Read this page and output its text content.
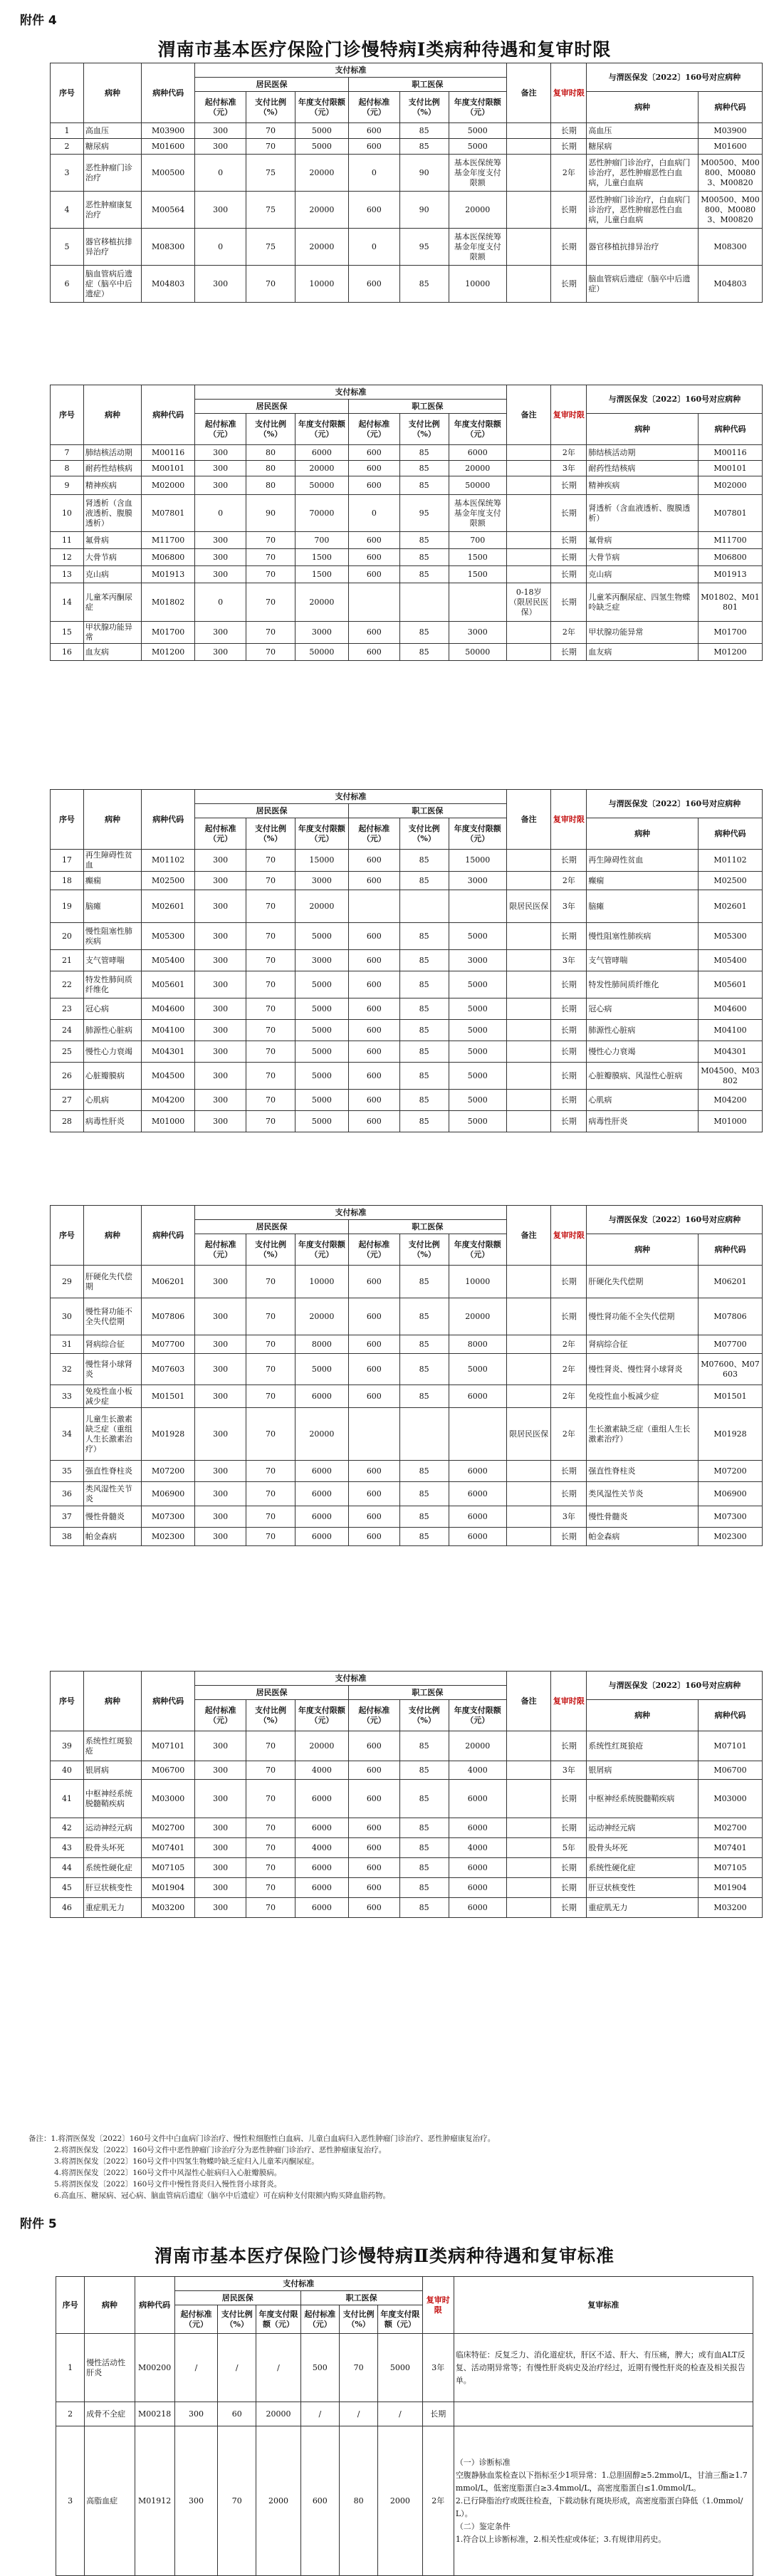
附件 4
渭南市基本医疗保险门诊慢特病Ⅰ类病种待遇和复审时限
序号	病种	病种代码	支付标准						备注	复审时限	与渭医保发〔2022〕160号对应病种	
			居民医保			职工医保						
			起付标准（元）	支付比例（%）	年度支付限额（元）	起付标准（元）	支付比例（%）	年度支付限额（元）			病种	病种代码
1	高血压	M03900	300	70	5000	600	85	5000		长期	高血压	M03900
2	糖尿病	M01600	300	70	5000	600	85	5000		长期	糖尿病	M01600
3	恶性肿瘤门诊治疗	M00500	0	75	20000	0	90	基本医保统筹基金年度支付限额		2年	恶性肿瘤门诊治疗，白血病门诊治疗，恶性肿瘤恶性白血病，儿童白血病	M00500、M00800、M00803、M00820
4	恶性肿瘤康复治疗	M00564	300	75	20000	600	90	20000		长期	恶性肿瘤门诊治疗，白血病门诊治疗，恶性肿瘤恶性白血病，儿童白血病	M00500、M00800、M00803、M00820
5	器官移植抗排异治疗	M08300	0	75	20000	0	95	基本医保统筹基金年度支付限额		长期	器官移植抗排异治疗	M08300
6	脑血管病后遗症（脑卒中后遗症）	M04803	300	70	10000	600	85	10000		长期	脑血管病后遗症（脑卒中后遗症）	M04803
序号	病种	病种代码	支付标准						备注	复审时限	与渭医保发〔2022〕160号对应病种	
			居民医保			职工医保						
			起付标准（元）	支付比例（%）	年度支付限额（元）	起付标准（元）	支付比例（%）	年度支付限额（元）			病种	病种代码
7	肺结核活动期	M00116	300	80	6000	600	85	6000		2年	肺结核活动期	M00116
8	耐药性结核病	M00101	300	80	20000	600	85	20000		3年	耐药性结核病	M00101
9	精神疾病	M02000	300	80	50000	600	85	50000		长期	精神疾病	M02000
10	肾透析（含血液透析、腹膜透析）	M07801	0	90	70000	0	95	基本医保统筹基金年度支付限额		长期	肾透析（含血液透析、腹膜透析）	M07801
11	氟骨病	M11700	300	70	700	600	85	700		长期	氟骨病	M11700
12	大骨节病	M06800	300	70	1500	600	85	1500		长期	大骨节病	M06800
13	克山病	M01913	300	70	1500	600	85	1500		长期	克山病	M01913
14	儿童苯丙酮尿症	M01802	0	70	20000				0-18岁（限居民医保）	长期	儿童苯丙酮尿症、四氢生物蝶呤缺乏症	M01802、M01801
15	甲状腺功能异常	M01700	300	70	3000	600	85	3000		2年	甲状腺功能异常	M01700
16	血友病	M01200	300	70	50000	600	85	50000		长期	血友病	M01200
序号	病种	病种代码	支付标准						备注	复审时限	与渭医保发〔2022〕160号对应病种	
			居民医保			职工医保						
			起付标准（元）	支付比例（%）	年度支付限额（元）	起付标准（元）	支付比例（%）	年度支付限额（元）			病种	病种代码
17	再生障碍性贫血	M01102	300	70	15000	600	85	15000		长期	再生障碍性贫血	M01102
18	癫痫	M02500	300	70	3000	600	85	3000		2年	癫痫	M02500
19	脑瘫	M02601	300	70	20000				限居民医保	3年	脑瘫	M02601
20	慢性阻塞性肺疾病	M05300	300	70	5000	600	85	5000		长期	慢性阻塞性肺疾病	M05300
21	支气管哮喘	M05400	300	70	3000	600	85	3000		3年	支气管哮喘	M05400
22	特发性肺间质纤维化	M05601	300	70	5000	600	85	5000		长期	特发性肺间质纤维化	M05601
23	冠心病	M04600	300	70	5000	600	85	5000		长期	冠心病	M04600
24	肺源性心脏病	M04100	300	70	5000	600	85	5000		长期	肺源性心脏病	M04100
25	慢性心力衰竭	M04301	300	70	5000	600	85	5000		长期	慢性心力衰竭	M04301
26	心脏瓣膜病	M04500	300	70	5000	600	85	5000		长期	心脏瓣膜病、风湿性心脏病	M04500、M03802
27	心肌病	M04200	300	70	5000	600	85	5000		长期	心肌病	M04200
28	病毒性肝炎	M01000	300	70	5000	600	85	5000		长期	病毒性肝炎	M01000
序号	病种	病种代码	支付标准						备注	复审时限	与渭医保发〔2022〕160号对应病种	
			居民医保			职工医保						
			起付标准（元）	支付比例（%）	年度支付限额（元）	起付标准（元）	支付比例（%）	年度支付限额（元）			病种	病种代码
29	肝硬化失代偿期	M06201	300	70	10000	600	85	10000		长期	肝硬化失代偿期	M06201
30	慢性肾功能不全失代偿期	M07806	300	70	20000	600	85	20000		长期	慢性肾功能不全失代偿期	M07806
31	肾病综合征	M07700	300	70	8000	600	85	8000		2年	肾病综合征	M07700
32	慢性肾小球肾炎	M07603	300	70	5000	600	85	5000		2年	慢性肾炎、慢性肾小球肾炎	M07600、M07603
33	免疫性血小板减少症	M01501	300	70	6000	600	85	6000		2年	免疫性血小板减少症	M01501
34	儿童生长激素缺乏症（重组人生长激素治疗）	M01928	300	70	20000				限居民医保	2年	生长激素缺乏症（重组人生长激素治疗）	M01928
35	强直性脊柱炎	M07200	300	70	6000	600	85	6000		长期	强直性脊柱炎	M07200
36	类风湿性关节炎	M06900	300	70	6000	600	85	6000		长期	类风湿性关节炎	M06900
37	慢性骨髓炎	M07300	300	70	6000	600	85	6000		3年	慢性骨髓炎	M07300
38	帕金森病	M02300	300	70	6000	600	85	6000		长期	帕金森病	M02300
序号	病种	病种代码	支付标准						备注	复审时限	与渭医保发〔2022〕160号对应病种	
			居民医保			职工医保						
			起付标准（元）	支付比例（%）	年度支付限额（元）	起付标准（元）	支付比例（%）	年度支付限额（元）			病种	病种代码
39	系统性红斑狼疮	M07101	300	70	20000	600	85	20000		长期	系统性红斑狼疮	M07101
40	银屑病	M06700	300	70	4000	600	85	4000		3年	银屑病	M06700
41	中枢神经系统脱髓鞘疾病	M03000	300	70	6000	600	85	6000		长期	中枢神经系统脱髓鞘疾病	M03000
42	运动神经元病	M02700	300	70	6000	600	85	6000		长期	运动神经元病	M02700
43	股骨头坏死	M07401	300	70	4000	600	85	4000		5年	股骨头坏死	M07401
44	系统性硬化症	M07105	300	70	6000	600	85	6000		长期	系统性硬化症	M07105
45	肝豆状核变性	M01904	300	70	6000	600	85	6000		长期	肝豆状核变性	M01904
46	重症肌无力	M03200	300	70	6000	600	85	6000		长期	重症肌无力	M03200
备注：1.将渭医保发〔2022〕160号文件中白血病门诊治疗、慢性粒细胞性白血病、儿童白血病归入恶性肿瘤门诊治疗、恶性肿瘤康复治疗。
2.将渭医保发〔2022〕160号文件中恶性肿瘤门诊治疗分为恶性肿瘤门诊治疗、恶性肿瘤康复治疗。
3.将渭医保发〔2022〕160号文件中四氢生物蝶呤缺乏症归入儿童苯丙酮尿症。
4.将渭医保发〔2022〕160号文件中风湿性心脏病归入心脏瓣膜病。
5.将渭医保发〔2022〕160号文件中慢性肾炎归入慢性肾小球肾炎。
6.高血压、糖尿病、冠心病、脑血管病后遗症（脑卒中后遗症）可在病种支付限额内购买降血脂药物。
附件 5
渭南市基本医疗保险门诊慢特病Ⅱ类病种待遇和复审标准
序号	病种	病种代码	支付标准						复审时限	复审标准
			居民医保			职工医保				
			起付标准（元）	支付比例（%）	年度支付限额（元）	起付标准（元）	支付比例（%）	年度支付限额（元）		
1	慢性活动性肝炎	M00200	/	/	/	500	70	5000	3年	临床特征：反复乏力、消化道症状，肝区不适、肝大、有压痛，脾大；或有血ALT反复、活动期异常等；有慢性肝炎病史及治疗经过，近期有慢性肝炎的检查及相关报告单。
2	成骨不全症	M00218	300	60	20000	/	/	/	长期	
3	高脂血症	M01912	300	70	2000	600	80	2000	2年	（一）诊断标准
空腹静脉血浆检查以下指标至少1项异常：1.总胆固醇≥5.2mmol/L，甘油三酯≥1.7mmol/L，低密度脂蛋白≥3.4mmol/L，高密度脂蛋白≤1.0mmol/L。
2.已行降脂治疗或既往检查，下载动脉有斑块形成，高密度脂蛋白降低（1.0mmol/L）。
（二）鉴定条件
1.符合以上诊断标准，2.相关性症或体征；3.有规律用药史。
